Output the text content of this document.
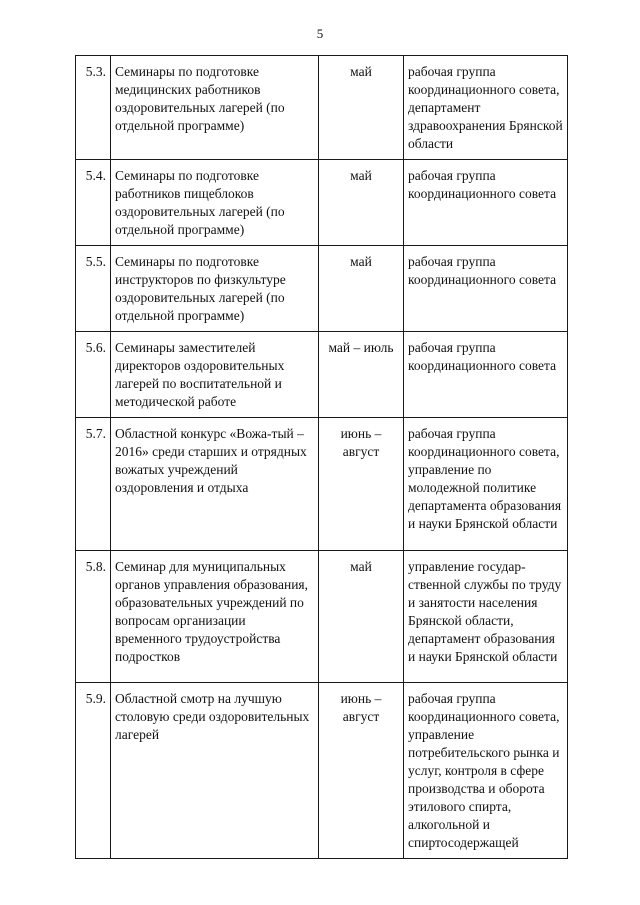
5
5.3.	Семинары по подготовке медицинских работников оздоровительных лагерей (по отдельной программе)	май	рабочая группа координационного совета, департамент здравоохранения Брянской области
5.4.	Семинары по подготовке работников пищеблоков оздоровительных лагерей (по отдельной программе)	май	рабочая группа координационного совета
5.5.	Семинары по подготовке инструкторов по физкультуре оздоровительных лагерей (по отдельной программе)	май	рабочая группа координационного совета
5.6.	Семинары заместителей директоров оздоровительных лагерей по воспитательной и методической работе	май – июль	рабочая группа координационного совета
5.7.	Областной конкурс «Вожа-тый – 2016» среди старших и отрядных вожатых учреждений оздоровления и отдыха	июнь – август	рабочая группа координационного совета, управление по молодежной политике департамента образования и науки Брянской области
5.8.	Семинар для муниципальных органов управления образования, образовательных учреждений по вопросам организации временного трудоустройства подростков	май	управление государ-ственной службы по труду и занятости населения Брянской области, департамент образования и науки Брянской области
5.9.	Областной смотр на лучшую столовую среди оздоровительных лагерей	июнь – август	рабочая группа координационного совета, управление потребительского рынка и услуг, контроля в сфере производства и оборота этилового спирта, алкогольной и спиртосодержащей
